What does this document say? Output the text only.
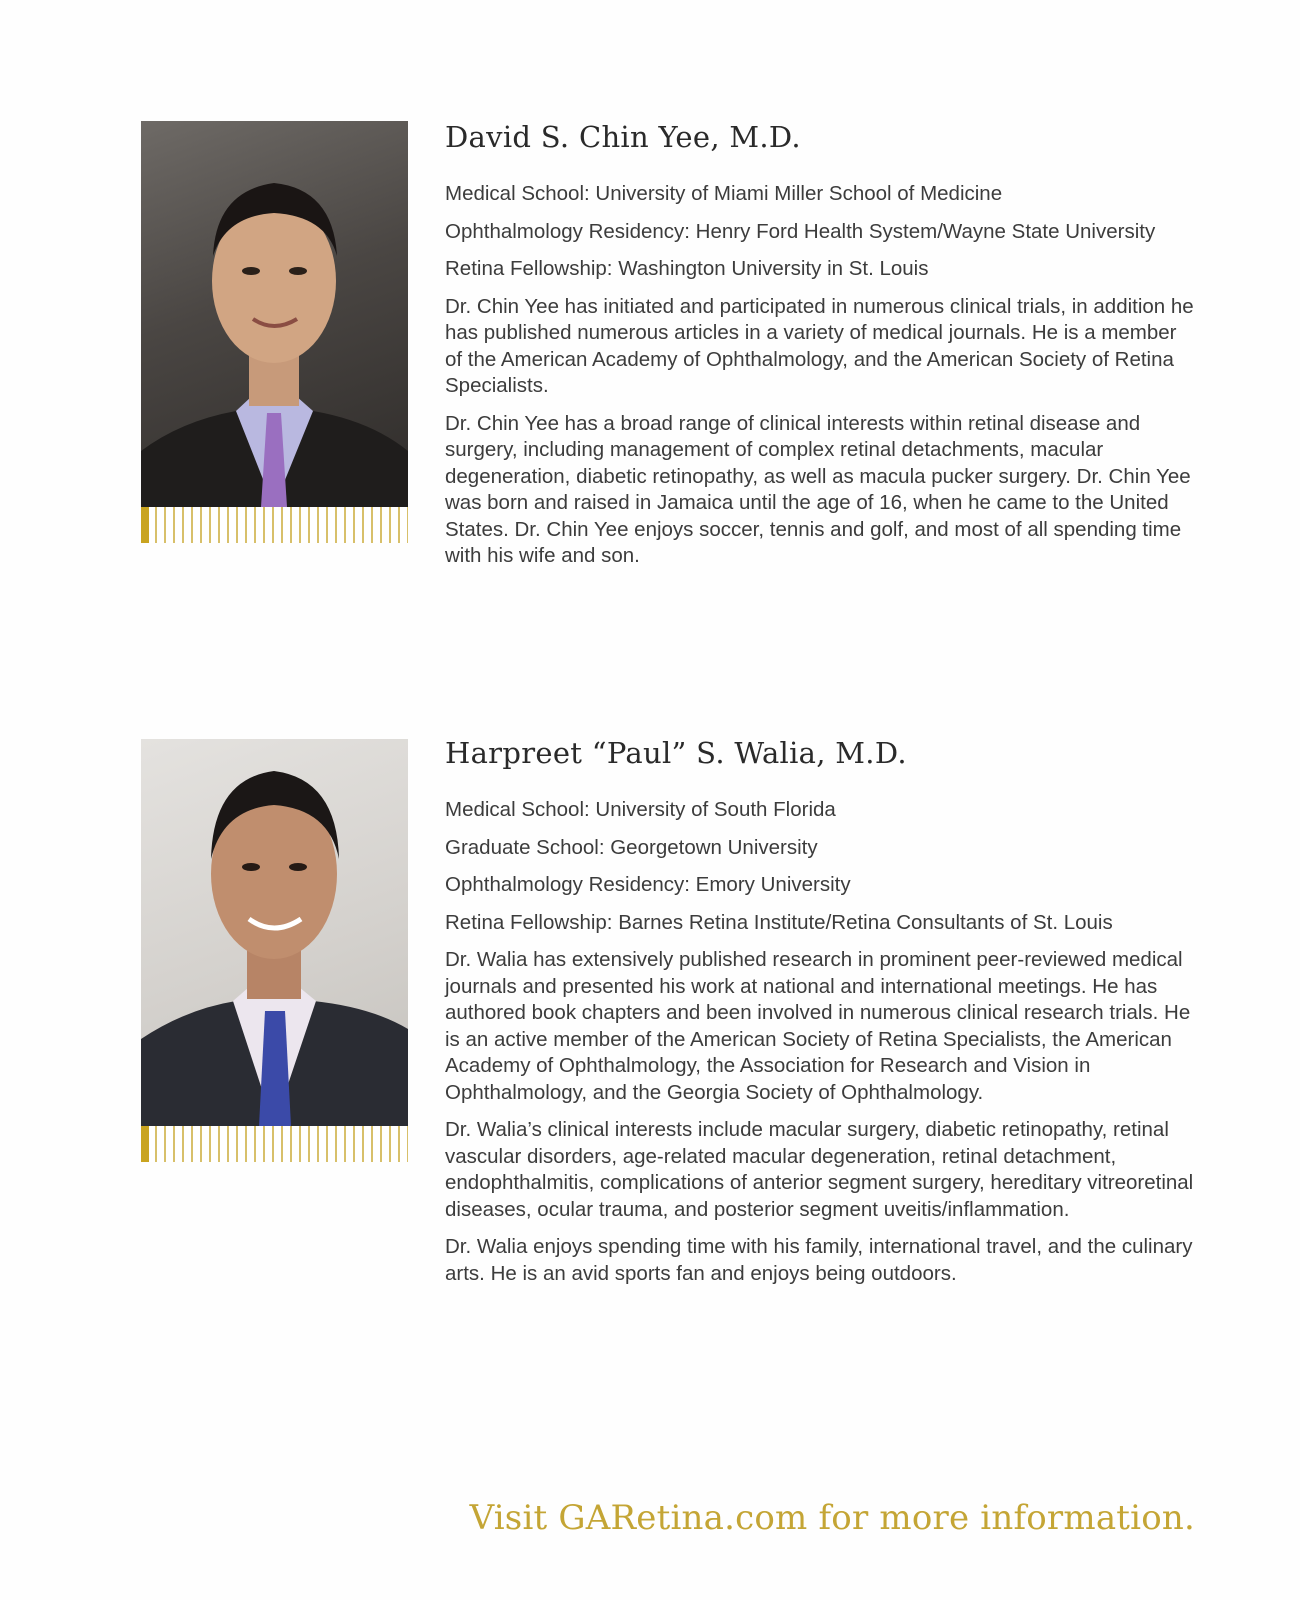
David S. Chin Yee, M.D.

Medical School: University of Miami Miller School of Medicine

Ophthalmology Residency: Henry Ford Health System/Wayne State University

Retina Fellowship: Washington University in St. Louis

Dr. Chin Yee has initiated and participated in numerous clinical trials, in addition he has published numerous articles in a variety of medical journals. He is a member of the American Academy of Ophthalmology, and the American Society of Retina Specialists.

Dr. Chin Yee has a broad range of clinical interests within retinal disease and surgery, including management of complex retinal detachments, macular degeneration, diabetic retinopathy, as well as macula pucker surgery. Dr. Chin Yee was born and raised in Jamaica until the age of 16, when he came to the United States. Dr. Chin Yee enjoys soccer, tennis and golf, and most of all spending time with his wife and son.

Harpreet “Paul” S. Walia, M.D.

Medical School: University of South Florida

Graduate School: Georgetown University

Ophthalmology Residency: Emory University

Retina Fellowship: Barnes Retina Institute/Retina Consultants of St. Louis

Dr. Walia has extensively published research in prominent peer-reviewed medical journals and presented his work at national and international meetings. He has authored book chapters and been involved in numerous clinical research trials. He is an active member of the American Society of Retina Specialists, the American Academy of Ophthalmology, the Association for Research and Vision in Ophthalmology, and the Georgia Society of Ophthalmology.

Dr. Walia’s clinical interests include macular surgery, diabetic retinopathy, retinal vascular disorders, age-related macular degeneration, retinal detachment, endophthalmitis, complications of anterior segment surgery, hereditary vitreoretinal diseases, ocular trauma, and posterior segment uveitis/inflammation.

Dr. Walia enjoys spending time with his family, international travel, and the culinary arts. He is an avid sports fan and enjoys being outdoors.

Visit GARetina.com for more information.
